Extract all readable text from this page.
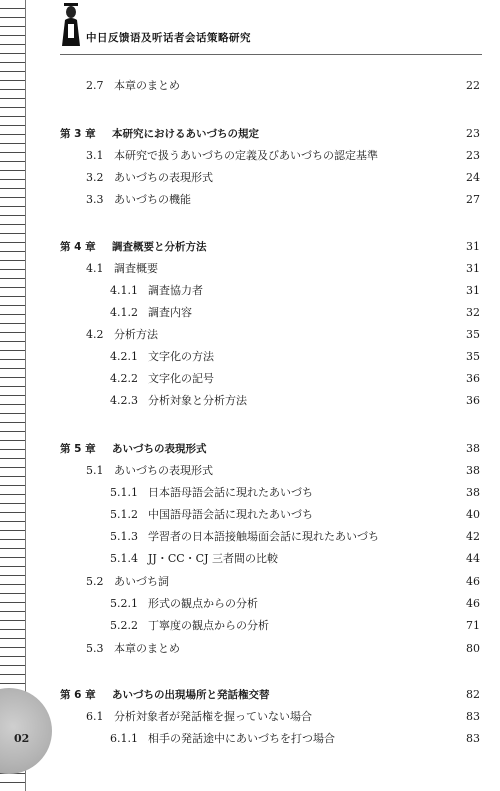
中日反馈语及听话者会话策略研究
2.7 本章のまとめ	22
第 3 章 本研究におけるあいづちの規定	23
3.1 本研究で扱うあいづちの定義及びあいづちの認定基準	23
3.2 あいづちの表現形式	24
3.3 あいづちの機能	27
第 4 章 調査概要と分析方法	31
4.1 調査概要	31
4.1.1 調査協力者	31
4.1.2 調査内容	32
4.2 分析方法	35
4.2.1 文字化の方法	35
4.2.2 文字化の記号	36
4.2.3 分析対象と分析方法	36
第 5 章 あいづちの表現形式	38
5.1 あいづちの表現形式	38
5.1.1 日本語母語会話に現れたあいづち	38
5.1.2 中国語母語会話に現れたあいづち	40
5.1.3 学習者の日本語接触場面会話に現れたあいづち	42
5.1.4 JJ・CC・CJ 三者間の比較	44
5.2 あいづち詞	46
5.2.1 形式の観点からの分析	46
5.2.2 丁寧度の観点からの分析	71
5.3 本章のまとめ	80
第 6 章 あいづちの出現場所と発話権交替	82
6.1 分析対象者が発話権を握っていない場合	83
6.1.1 相手の発話途中にあいづちを打つ場合	83
02
